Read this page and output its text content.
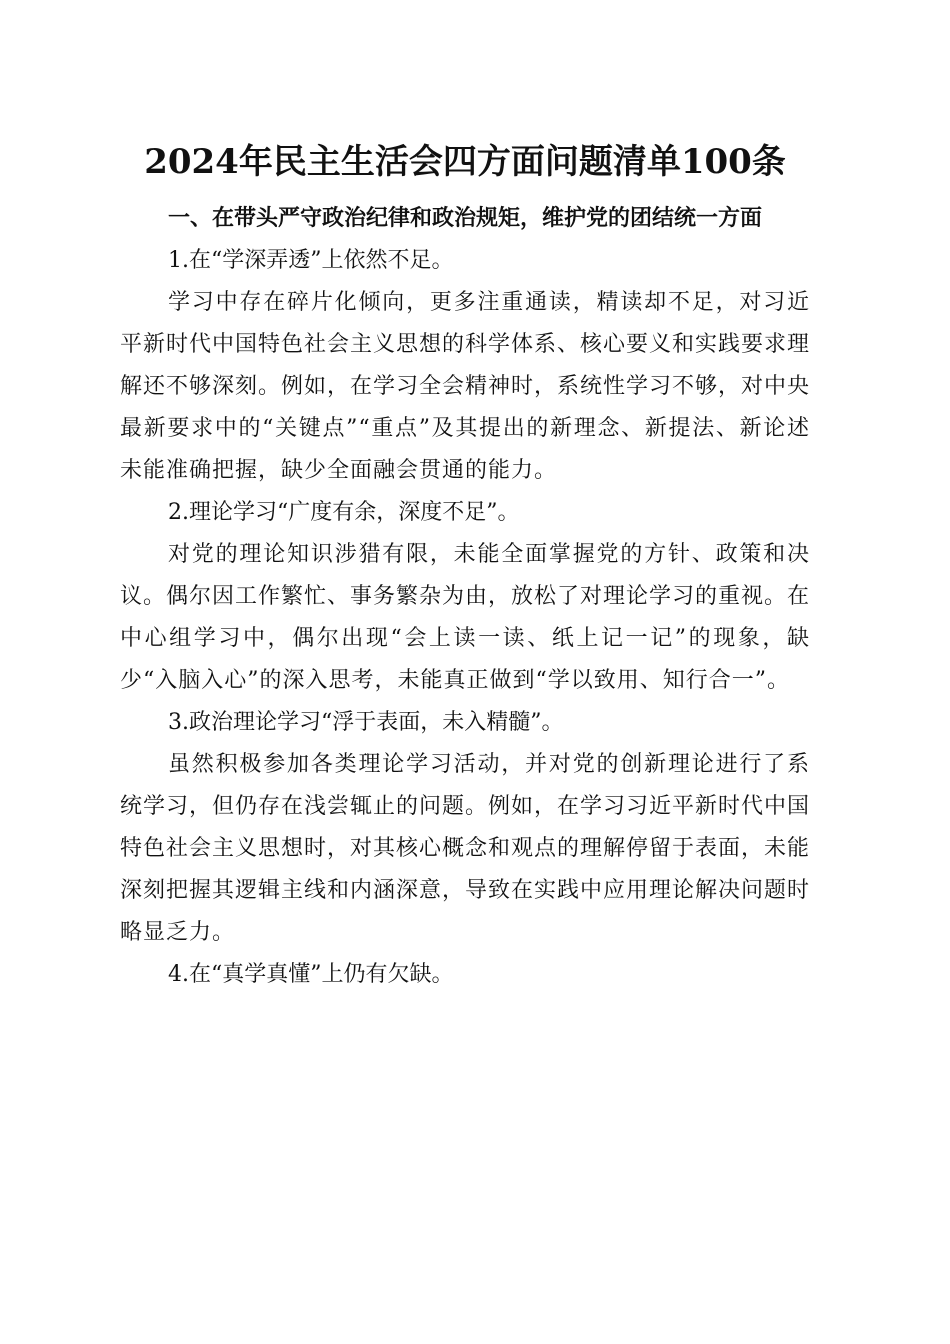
2024年民主生活会四方面问题清单100条

一、在带头严守政治纪律和政治规矩，维护党的团结统一方面

1.在“学深弄透”上依然不足。

学习中存在碎片化倾向，更多注重通读，精读却不足，对习近平新时代中国特色社会主义思想的科学体系、核心要义和实践要求理解还不够深刻。例如，在学习全会精神时，系统性学习不够，对中央最新要求中的“关键点”“重点”及其提出的新理念、新提法、新论述未能准确把握，缺少全面融会贯通的能力。

2.理论学习“广度有余，深度不足”。

对党的理论知识涉猎有限，未能全面掌握党的方针、政策和决议。偶尔因工作繁忙、事务繁杂为由，放松了对理论学习的重视。在中心组学习中，偶尔出现“会上读一读、纸上记一记”的现象，缺少“入脑入心”的深入思考，未能真正做到“学以致用、知行合一”。

3.政治理论学习“浮于表面，未入精髓”。

虽然积极参加各类理论学习活动，并对党的创新理论进行了系统学习，但仍存在浅尝辄止的问题。例如，在学习习近平新时代中国特色社会主义思想时，对其核心概念和观点的理解停留于表面，未能深刻把握其逻辑主线和内涵深意，导致在实践中应用理论解决问题时略显乏力。

4.在“真学真懂”上仍有欠缺。
